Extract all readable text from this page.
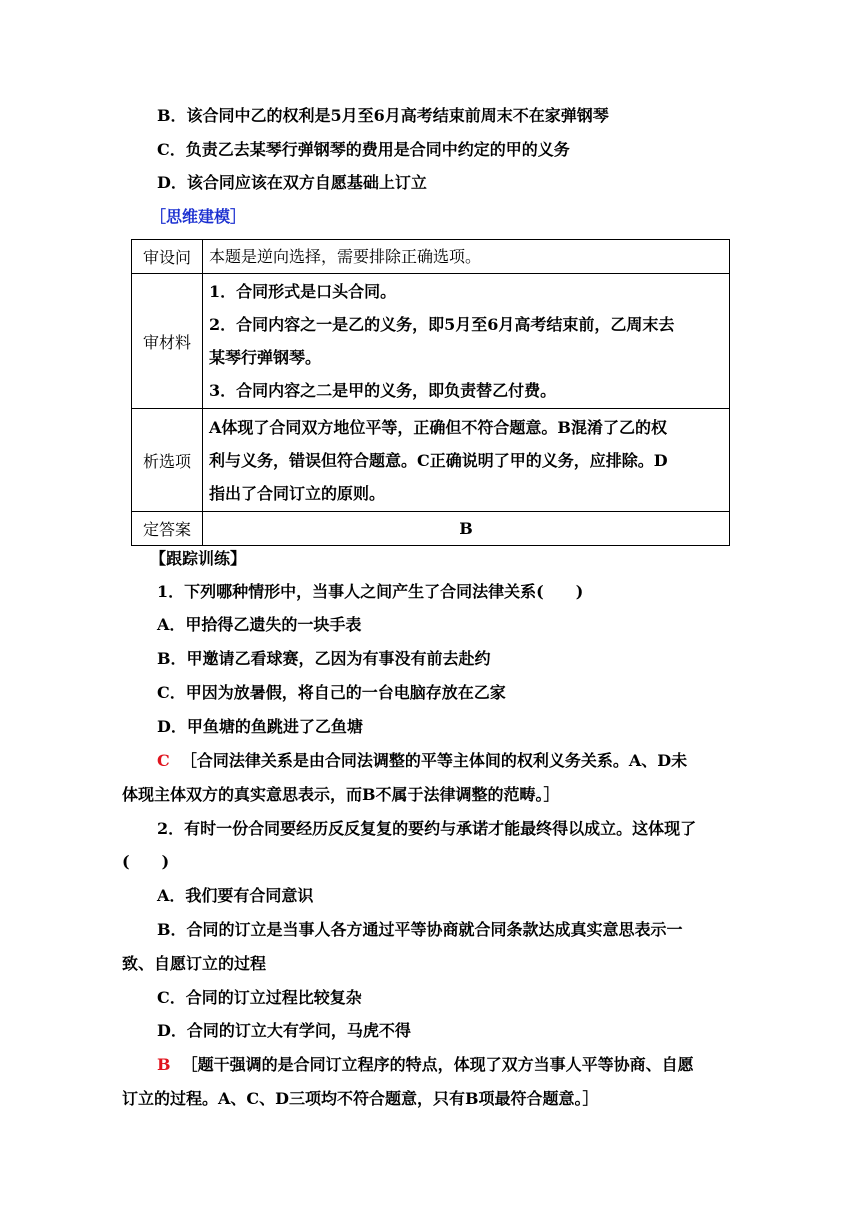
B．该合同中乙的权利是5月至6月高考结束前周末不在家弹钢琴
C．负责乙去某琴行弹钢琴的费用是合同中约定的甲的义务
D．该合同应该在双方自愿基础上订立
［思维建模］
审设问	本题是逆向选择，需要排除正确选项。

审材料	1．合同形式是口头合同。
2．合同内容之一是乙的义务，即5月至6月高考结束前，乙周末去
某琴行弹钢琴。
3．合同内容之二是甲的义务，即负责替乙付费。

析选项	A体现了合同双方地位平等，正确但不符合题意。B混淆了乙的权
利与义务，错误但符合题意。C正确说明了甲的义务，应排除。D
指出了合同订立的原则。

定答案	B
【跟踪训练】
1．下列哪种情形中，当事人之间产生了合同法律关系(　　)
A．甲拾得乙遗失的一块手表
B．甲邀请乙看球赛，乙因为有事没有前去赴约
C．甲因为放暑假，将自己的一台电脑存放在乙家
D．甲鱼塘的鱼跳进了乙鱼塘
C ［合同法律关系是由合同法调整的平等主体间的权利义务关系。A、D未
体现主体双方的真实意思表示，而B不属于法律调整的范畴。］
2．有时一份合同要经历反反复复的要约与承诺才能最终得以成立。这体现了
(　　)
A．我们要有合同意识
B．合同的订立是当事人各方通过平等协商就合同条款达成真实意思表示一
致、自愿订立的过程
C．合同的订立过程比较复杂
D．合同的订立大有学问，马虎不得
B ［题干强调的是合同订立程序的特点，体现了双方当事人平等协商、自愿
订立的过程。A、C、D三项均不符合题意，只有B项最符合题意。］
